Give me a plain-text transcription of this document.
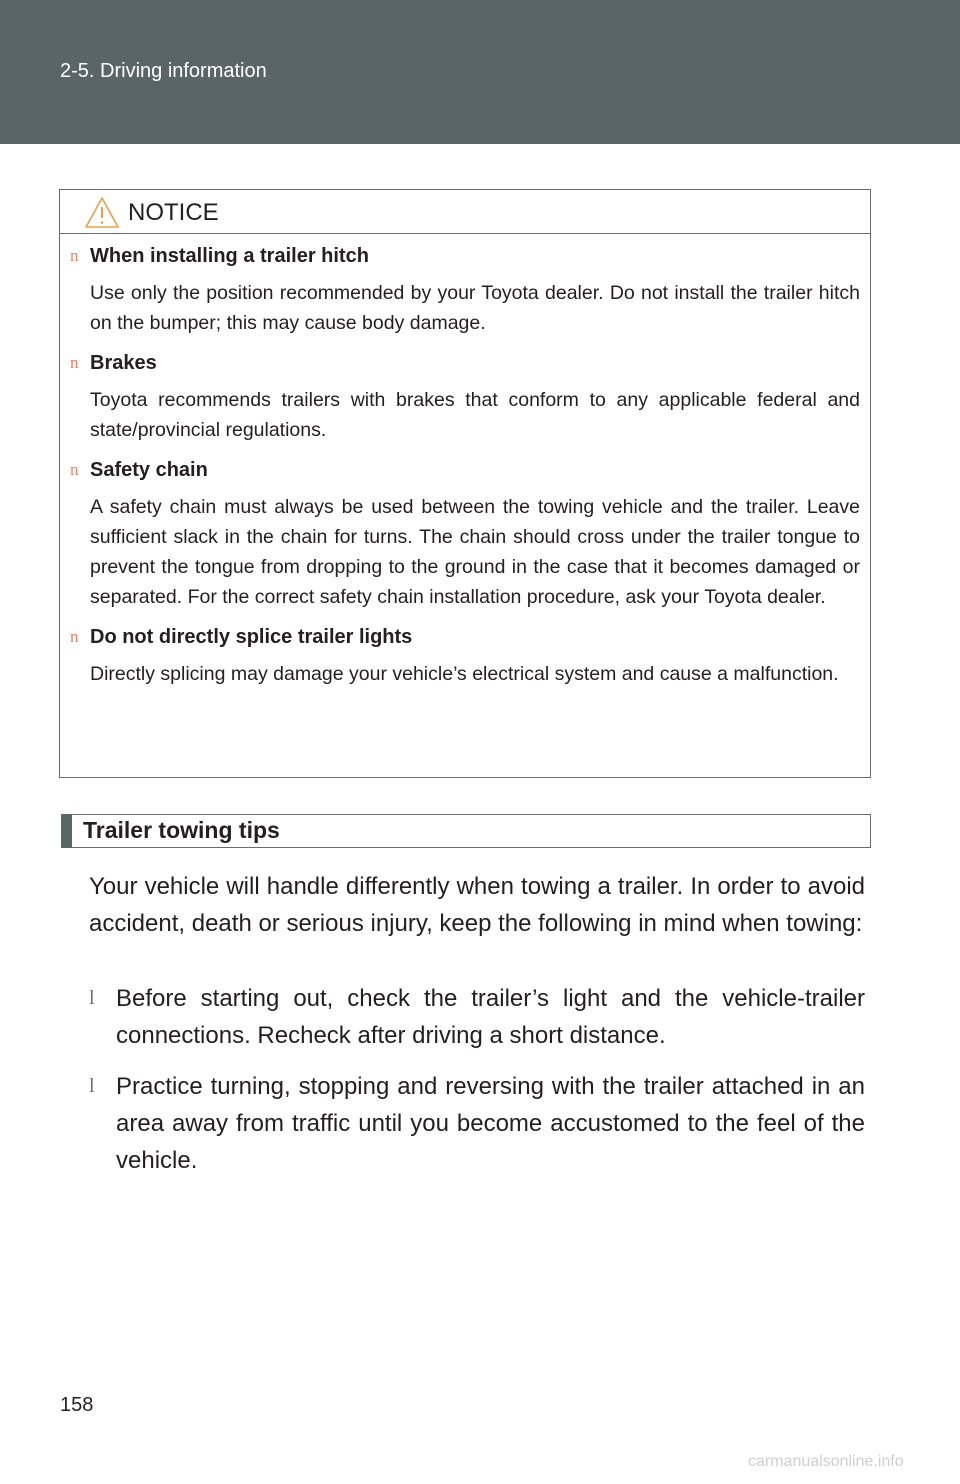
2-5. Driving information
NOTICE
n When installing a trailer hitch
Use only the position recommended by your Toyota dealer. Do not install the trailer hitch on the bumper; this may cause body damage.
n Brakes
Toyota recommends trailers with brakes that conform to any applicable federal and state/provincial regulations.
n Safety chain
A safety chain must always be used between the towing vehicle and the trailer. Leave sufficient slack in the chain for turns. The chain should cross under the trailer tongue to prevent the tongue from dropping to the ground in the case that it becomes damaged or separated. For the correct safety chain installation procedure, ask your Toyota dealer.
n Do not directly splice trailer lights
Directly splicing may damage your vehicle’s electrical system and cause a malfunction.
Trailer towing tips
Your vehicle will handle differently when towing a trailer. In order to avoid accident, death or serious injury, keep the following in mind when towing:
l Before starting out, check the trailer’s light and the vehicle-trailer connections. Recheck after driving a short distance.
l Practice turning, stopping and reversing with the trailer attached in an area away from traffic until you become accustomed to the feel of the vehicle.
158
carmanualsonline.info
